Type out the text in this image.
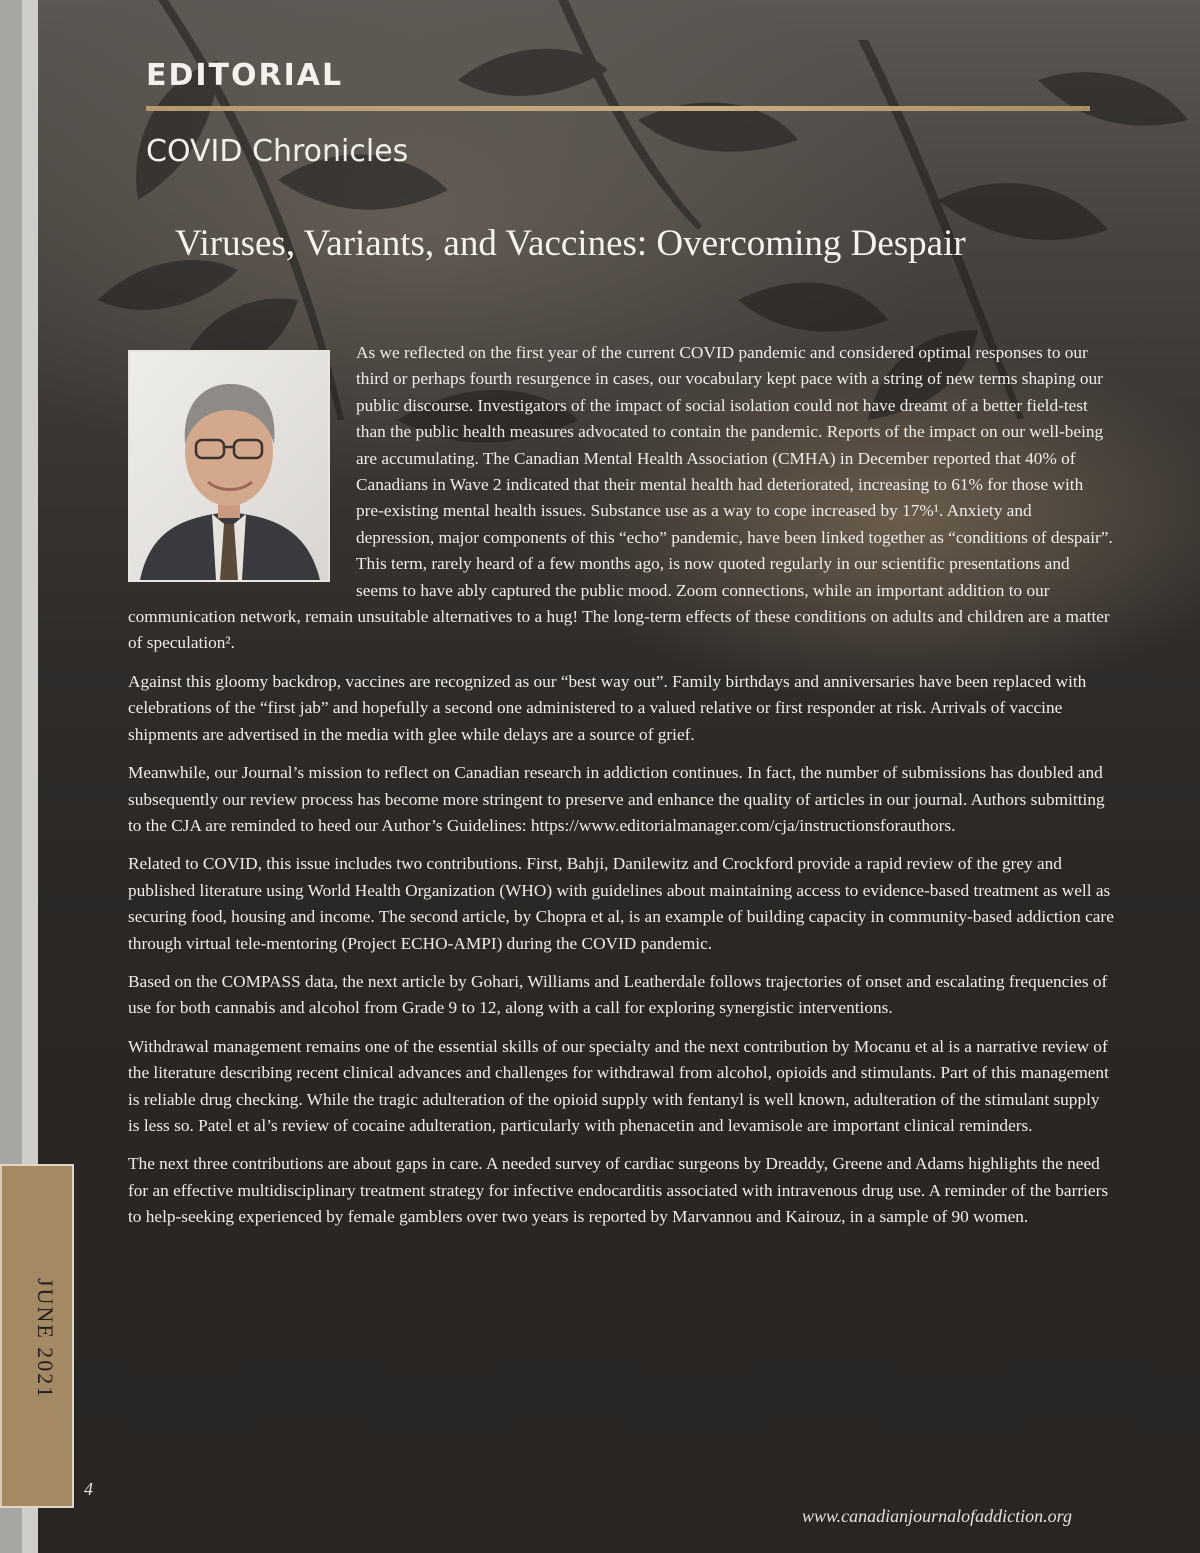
JUNE 2021
EDITORIAL
COVID Chronicles
Viruses, Variants, and Vaccines: Overcoming Despair

As we reflected on the first year of the current COVID pandemic and considered optimal responses to our third or perhaps fourth resurgence in cases, our vocabulary kept pace with a string of new terms shaping our public discourse. Investigators of the impact of social isolation could not have dreamt of a better field-test than the public health measures advocated to contain the pandemic. Reports of the impact on our well-being are accumulating. The Canadian Mental Health Association (CMHA) in December reported that 40% of Canadians in Wave 2 indicated that their mental health had deteriorated, increasing to 61% for those with pre-existing mental health issues. Substance use as a way to cope increased by 17%¹. Anxiety and depression, major components of this “echo” pandemic, have been linked together as “conditions of despair”. This term, rarely heard of a few months ago, is now quoted regularly in our scientific presentations and seems to have ably captured the public mood. Zoom connections, while an important addition to our communication network, remain unsuitable alternatives to a hug! The long-term effects of these conditions on adults and children are a matter of speculation².

Against this gloomy backdrop, vaccines are recognized as our “best way out”. Family birthdays and anniversaries have been replaced with celebrations of the “first jab” and hopefully a second one administered to a valued relative or first responder at risk. Arrivals of vaccine shipments are advertised in the media with glee while delays are a source of grief.

Meanwhile, our Journal’s mission to reflect on Canadian research in addiction continues. In fact, the number of submissions has doubled and subsequently our review process has become more stringent to preserve and enhance the quality of articles in our journal. Authors submitting to the CJA are reminded to heed our Author’s Guidelines: https://www.editorialmanager.com/cja/instructionsforauthors.

Related to COVID, this issue includes two contributions. First, Bahji, Danilewitz and Crockford provide a rapid review of the grey and published literature using World Health Organization (WHO) with guidelines about maintaining access to evidence-based treatment as well as securing food, housing and income. The second article, by Chopra et al, is an example of building capacity in community-based addiction care through virtual tele-mentoring (Project ECHO-AMPI) during the COVID pandemic.

Based on the COMPASS data, the next article by Gohari, Williams and Leatherdale follows trajectories of onset and escalating frequencies of use for both cannabis and alcohol from Grade 9 to 12, along with a call for exploring synergistic interventions.

Withdrawal management remains one of the essential skills of our specialty and the next contribution by Mocanu et al is a narrative review of the literature describing recent clinical advances and challenges for withdrawal from alcohol, opioids and stimulants. Part of this management is reliable drug checking. While the tragic adulteration of the opioid supply with fentanyl is well known, adulteration of the stimulant supply is less so. Patel et al’s review of cocaine adulteration, particularly with phenacetin and levamisole are important clinical reminders.

The next three contributions are about gaps in care. A needed survey of cardiac surgeons by Dreaddy, Greene and Adams highlights the need for an effective multidisciplinary treatment strategy for infective endocarditis associated with intravenous drug use. A reminder of the barriers to help-seeking experienced by female gamblers over two years is reported by Marvannou and Kairouz, in a sample of 90 women.

4
www.canadianjournalofaddiction.org
